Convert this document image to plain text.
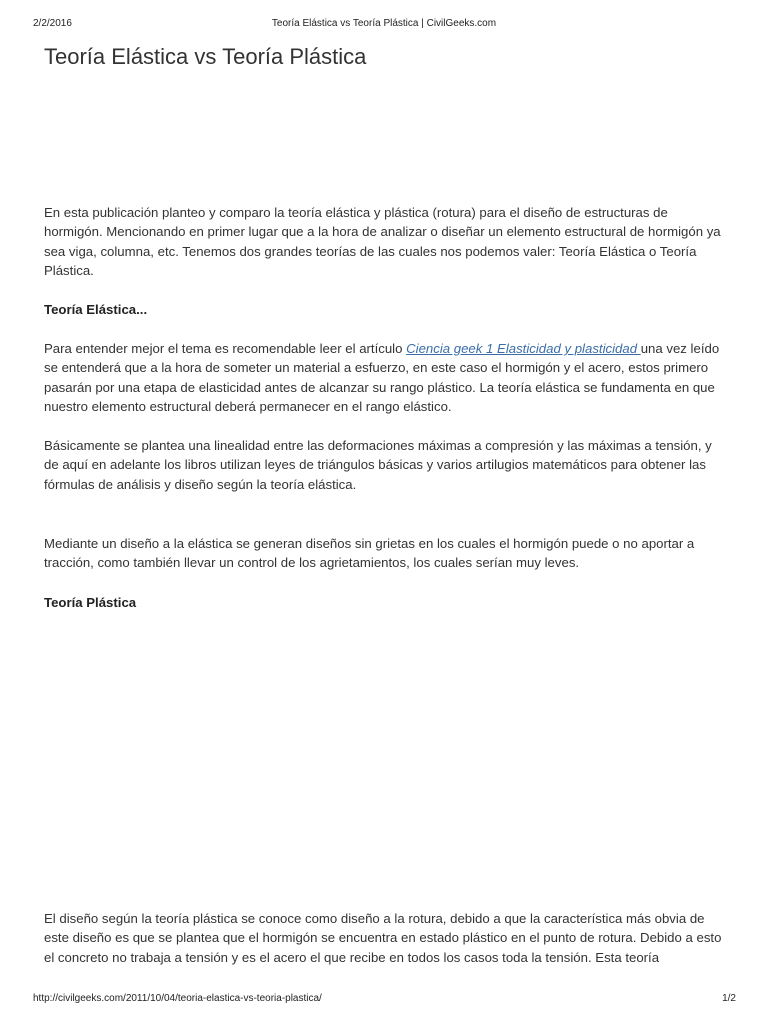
2/2/2016	Teoría Elástica vs Teoría Plástica | CivilGeeks.com
Teoría Elástica vs Teoría Plástica

En esta publicación planteo y comparo la teoría elástica y plástica (rotura) para el diseño de estructuras de hormigón. Mencionando en primer lugar que a la hora de analizar o diseñar un elemento estructural de hormigón ya sea viga, columna, etc. Tenemos dos grandes teorías de las cuales nos podemos valer: Teoría Elástica o Teoría Plástica.

Teoría Elástica...

Para entender mejor el tema es recomendable leer el artículo Ciencia geek 1 Elasticidad y plasticidad una vez leído se entenderá que a la hora de someter un material a esfuerzo, en este caso el hormigón y el acero, estos primero pasarán por una etapa de elasticidad antes de alcanzar su rango plástico. La teoría elástica se fundamenta en que nuestro elemento estructural deberá permanecer en el rango elástico.

Básicamente se plantea una linealidad entre las deformaciones máximas a compresión y las máximas a tensión, y de aquí en adelante los libros utilizan leyes de triángulos básicas y varios artilugios matemáticos para obtener las fórmulas de análisis y diseño según la teoría elástica.

Mediante un diseño a la elástica se generan diseños sin grietas en los cuales el hormigón puede o no aportar a tracción, como también llevar un control de los agrietamientos, los cuales serían muy leves.

Teoría Plástica

El diseño según la teoría plástica se conoce como diseño a la rotura, debido a que la característica más obvia de este diseño es que se plantea que el hormigón se encuentra en estado plástico en el punto de rotura. Debido a esto el concreto no trabaja a tensión y es el acero el que recibe en todos los casos toda la tensión. Esta teoría

http://civilgeeks.com/2011/10/04/teoria-elastica-vs-teoria-plastica/	1/2
